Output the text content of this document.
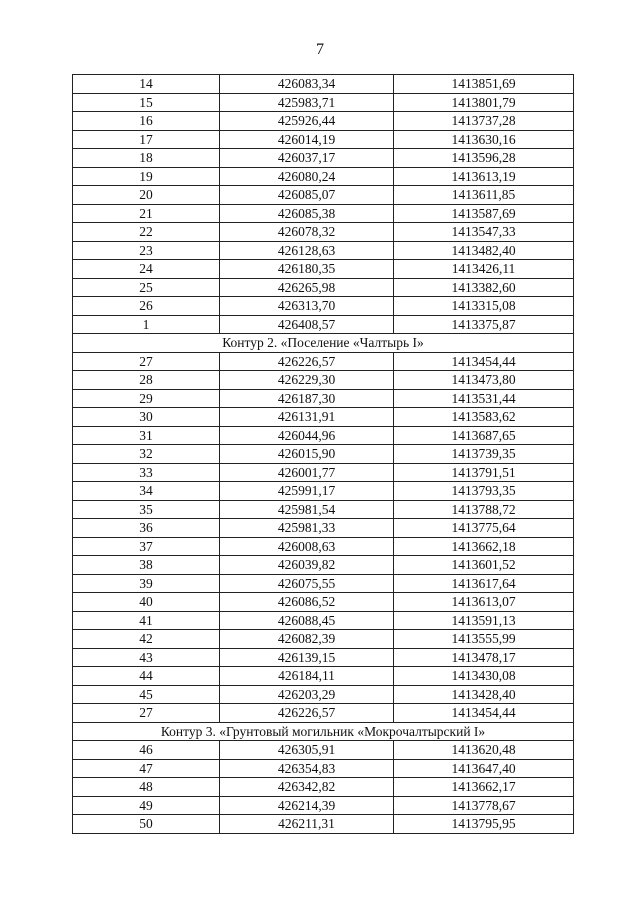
7
14	426083,34	1413851,69
15	425983,71	1413801,79
16	425926,44	1413737,28
17	426014,19	1413630,16
18	426037,17	1413596,28
19	426080,24	1413613,19
20	426085,07	1413611,85
21	426085,38	1413587,69
22	426078,32	1413547,33
23	426128,63	1413482,40
24	426180,35	1413426,11
25	426265,98	1413382,60
26	426313,70	1413315,08
1	426408,57	1413375,87
Контур 2. «Поселение «Чалтырь I»		
27	426226,57	1413454,44
28	426229,30	1413473,80
29	426187,30	1413531,44
30	426131,91	1413583,62
31	426044,96	1413687,65
32	426015,90	1413739,35
33	426001,77	1413791,51
34	425991,17	1413793,35
35	425981,54	1413788,72
36	425981,33	1413775,64
37	426008,63	1413662,18
38	426039,82	1413601,52
39	426075,55	1413617,64
40	426086,52	1413613,07
41	426088,45	1413591,13
42	426082,39	1413555,99
43	426139,15	1413478,17
44	426184,11	1413430,08
45	426203,29	1413428,40
27	426226,57	1413454,44
Контур 3. «Грунтовый могильник «Мокрочалтырский I»		
46	426305,91	1413620,48
47	426354,83	1413647,40
48	426342,82	1413662,17
49	426214,39	1413778,67
50	426211,31	1413795,95
